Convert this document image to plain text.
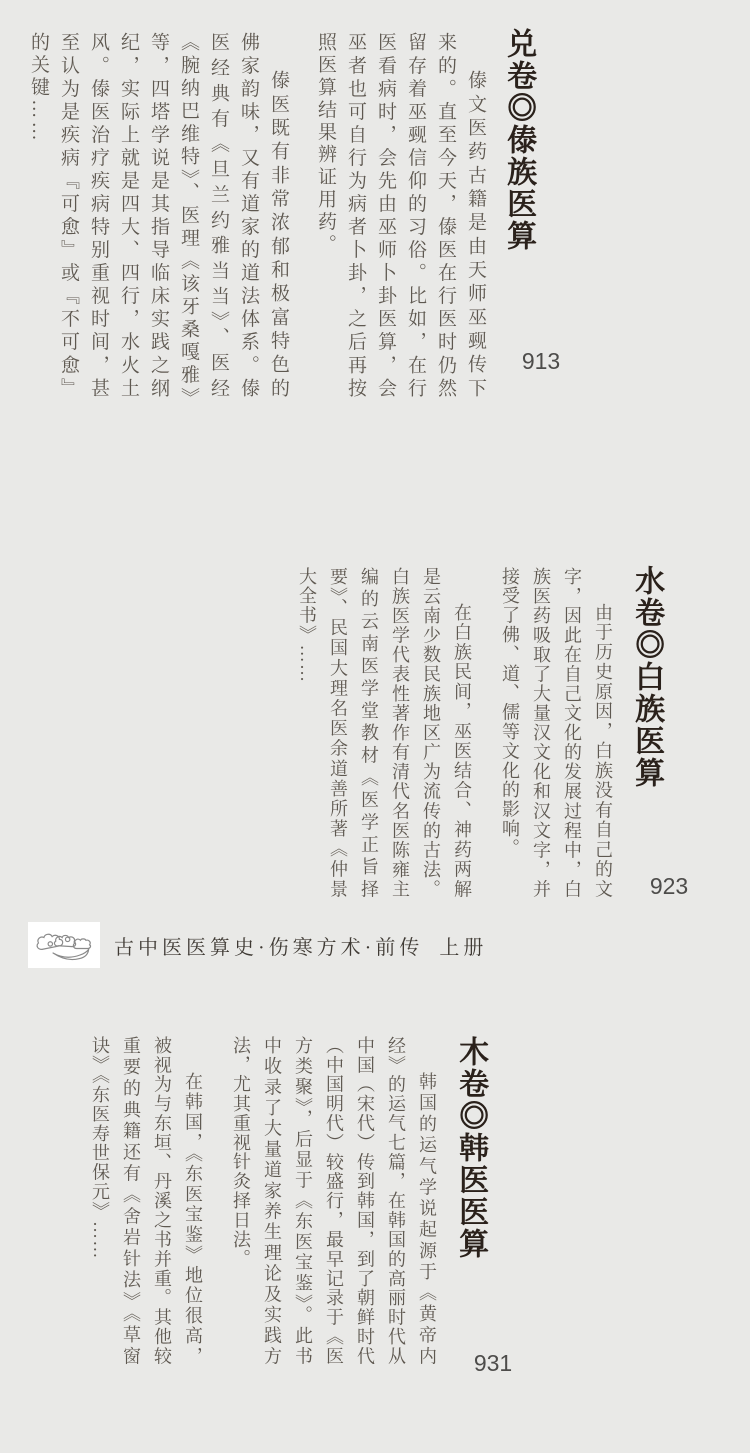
兑卷◎傣族医算
913

傣文医药古籍是由天师巫觋传下来的。直至今天，傣医在行医时仍然留存着巫觋信仰的习俗。比如，在行医看病时，会先由巫师卜卦医算，会巫者也可自行为病者卜卦，之后再按照医算结果辨证用药。

傣医既有非常浓郁和极富特色的佛家韵味，又有道家的道法体系。傣医经典有《旦兰约雅当当》、医经《腕纳巴维特》、医理《该牙桑嘎雅》等，四塔学说是其指导临床实践之纲纪，实际上就是四大、四行，水火土风。傣医治疗疾病特别重视时间，甚至认为是疾病『可愈』或『不可愈』的关键……

水卷◎白族医算
923

由于历史原因，白族没有自己的文字，因此在自己文化的发展过程中，白族医药吸取了大量汉文化和汉文字，并接受了佛、道、儒等文化的影响。

在白族民间，巫医结合、神药两解是云南少数民族地区广为流传的古法。白族医学代表性著作有清代名医陈雍主编的云南医学堂教材《医学正旨择要》、民国大理名医余道善所著《仲景大全书》……

古中医医算史·伤寒方术·前传 上册
木卷◎韩医医算
931

韩国的运气学说起源于《黄帝内经》的运气七篇，在韩国的高丽时代从中国（宋代）传到韩国，到了朝鲜时代（中国明代）较盛行，最早记录于《医方类聚》，后显于《东医宝鉴》。此书中收录了大量道家养生理论及实践方法，尤其重视针灸择日法。

在韩国，《东医宝鉴》地位很高，被视为与东垣、丹溪之书并重。其他较重要的典籍还有《舍岩针法》《草窗诀》《东医寿世保元》……
